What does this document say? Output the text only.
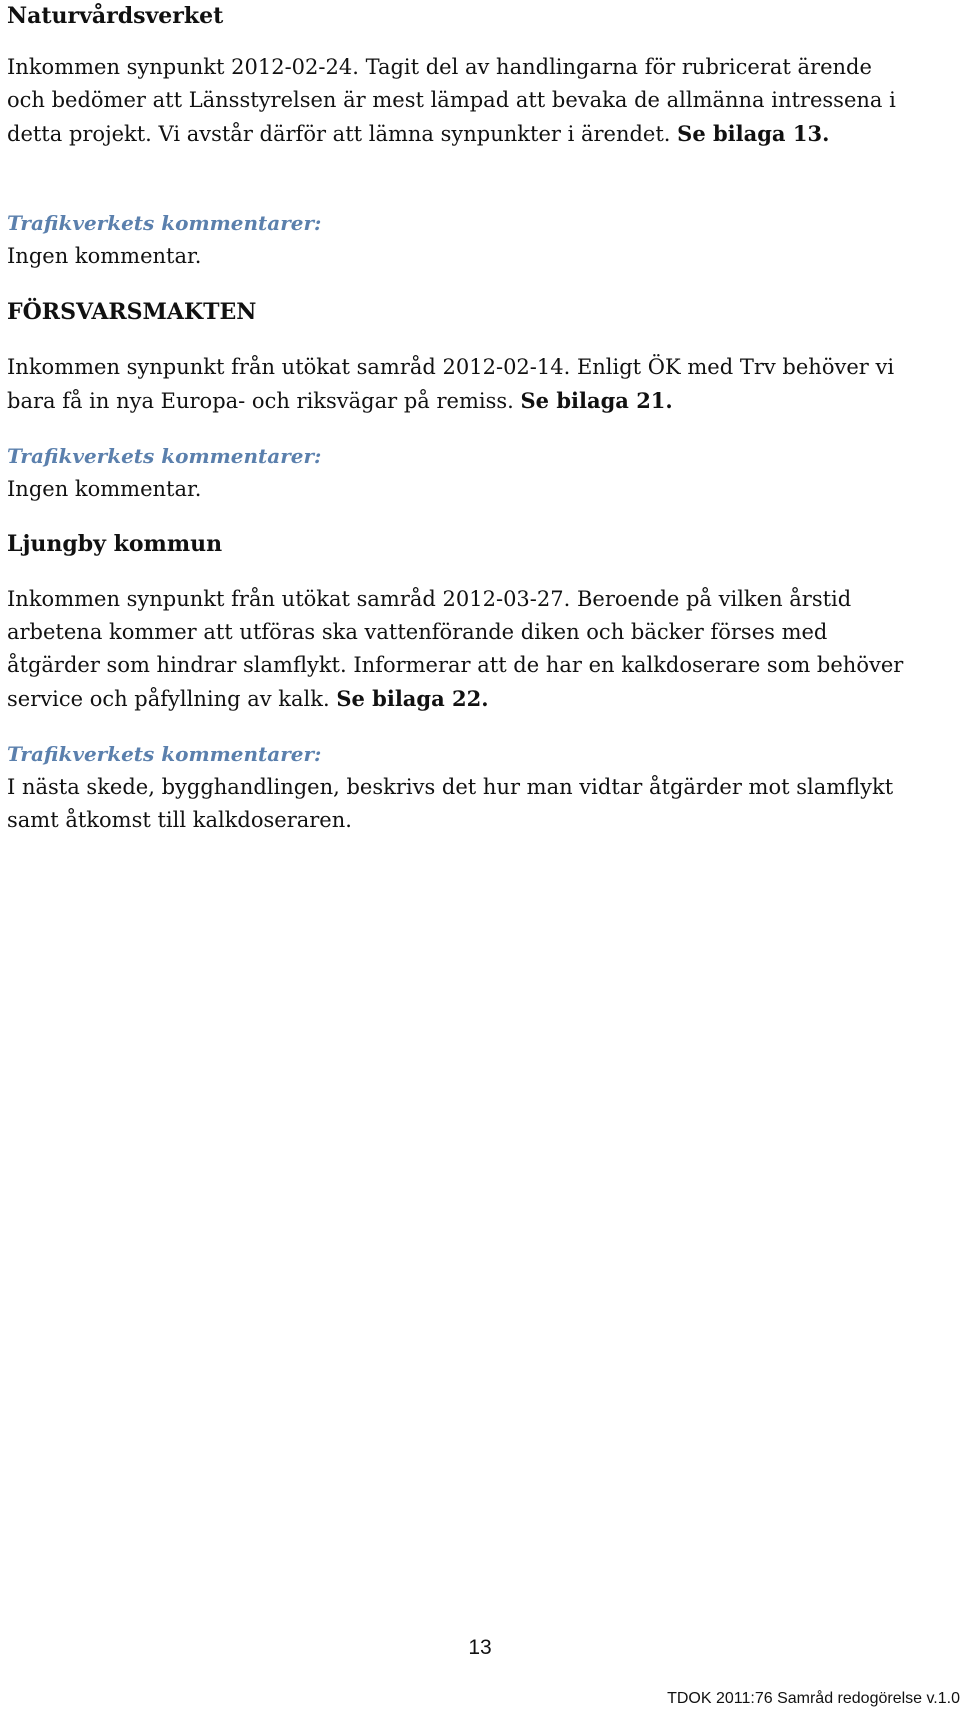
Naturvårdsverket

Inkommen synpunkt 2012-02-24. Tagit del av handlingarna för rubricerat ärende och bedömer att Länsstyrelsen är mest lämpad att bevaka de allmänna intressena i detta projekt. Vi avstår därför att lämna synpunkter i ärendet. Se bilaga 13.

Trafikverkets kommentarer:

Ingen kommentar.

FÖRSVARSMAKTEN

Inkommen synpunkt från utökat samråd 2012-02-14. Enligt ÖK med Trv behöver vi bara få in nya Europa- och riksvägar på remiss. Se bilaga 21.

Trafikverkets kommentarer:

Ingen kommentar.

Ljungby kommun

Inkommen synpunkt från utökat samråd 2012-03-27. Beroende på vilken årstid arbetena kommer att utföras ska vattenförande diken och bäcker förses med åtgärder som hindrar slamflykt. Informerar att de har en kalkdoserare som behöver service och påfyllning av kalk. Se bilaga 22.

Trafikverkets kommentarer:

I nästa skede, bygghandlingen, beskrivs det hur man vidtar åtgärder mot slamflykt samt åtkomst till kalkdoseraren.

13
TDOK 2011:76 Samråd redogörelse v.1.0
